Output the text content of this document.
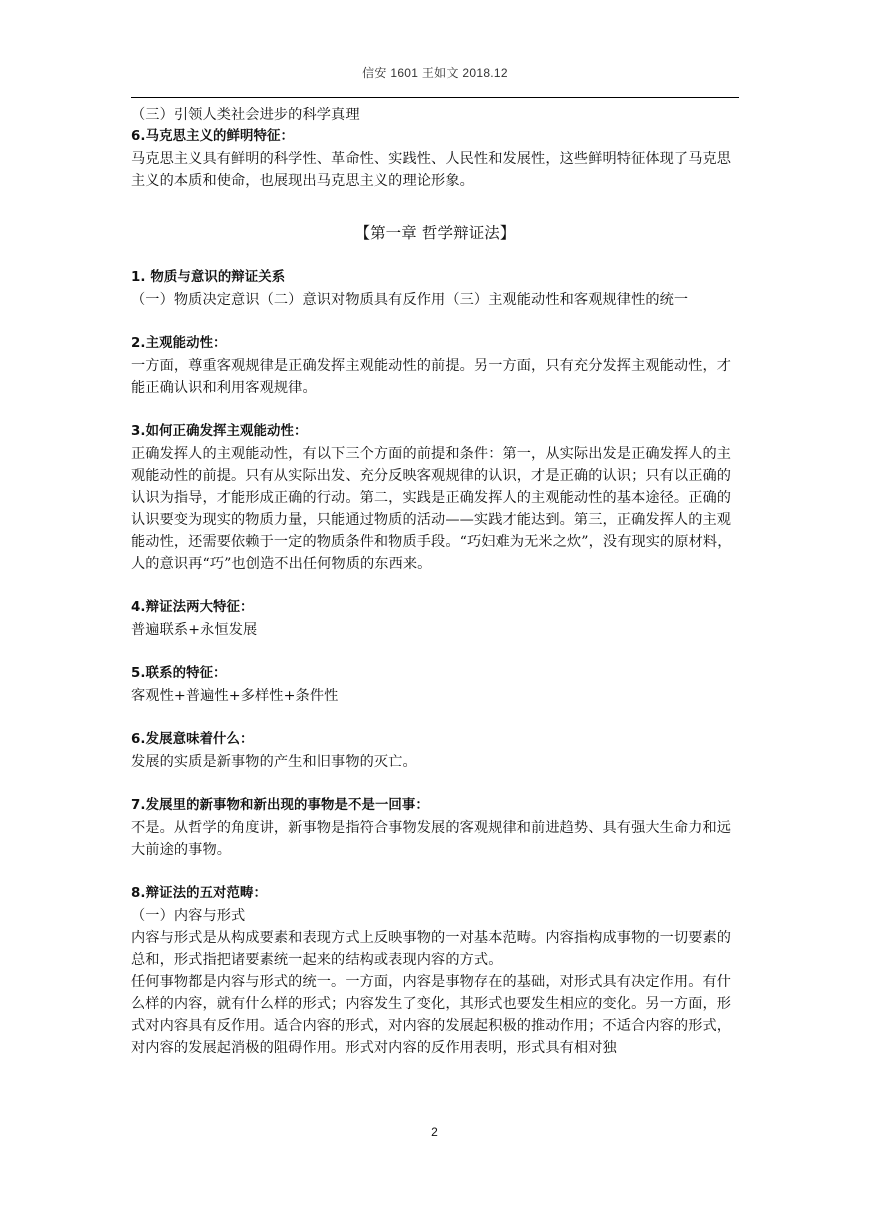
信安 1601 王如文 2018.12

（三）引领人类社会进步的科学真理

6.马克思主义的鲜明特征：

马克思主义具有鲜明的科学性、革命性、实践性、人民性和发展性，这些鲜明特征体现了马克思主义的本质和使命，也展现出马克思主义的理论形象。

【第一章 哲学辩证法】

1. 物质与意识的辩证关系

（一）物质决定意识（二）意识对物质具有反作用（三）主观能动性和客观规律性的统一

2.主观能动性：

一方面，尊重客观规律是正确发挥主观能动性的前提。另一方面，只有充分发挥主观能动性，才能正确认识和利用客观规律。

3.如何正确发挥主观能动性：

正确发挥人的主观能动性，有以下三个方面的前提和条件：第一，从实际出发是正确发挥人的主观能动性的前提。只有从实际出发、充分反映客观规律的认识，才是正确的认识；只有以正确的认识为指导，才能形成正确的行动。第二，实践是正确发挥人的主观能动性的基本途径。正确的认识要变为现实的物质力量，只能通过物质的活动——实践才能达到。第三，正确发挥人的主观能动性，还需要依赖于一定的物质条件和物质手段。“巧妇难为无米之炊”，没有现实的原材料，人的意识再“巧”也创造不出任何物质的东西来。

4.辩证法两大特征：

普遍联系+永恒发展

5.联系的特征：

客观性+普遍性+多样性+条件性

6.发展意味着什么：

发展的实质是新事物的产生和旧事物的灭亡。

7.发展里的新事物和新出现的事物是不是一回事：

不是。从哲学的角度讲，新事物是指符合事物发展的客观规律和前进趋势、具有强大生命力和远大前途的事物。

8.辩证法的五对范畴：

（一）内容与形式

内容与形式是从构成要素和表现方式上反映事物的一对基本范畴。内容指构成事物的一切要素的总和，形式指把诸要素统一起来的结构或表现内容的方式。

任何事物都是内容与形式的统一。一方面，内容是事物存在的基础，对形式具有决定作用。有什么样的内容，就有什么样的形式；内容发生了变化，其形式也要发生相应的变化。另一方面，形式对内容具有反作用。适合内容的形式，对内容的发展起积极的推动作用；不适合内容的形式，对内容的发展起消极的阻碍作用。形式对内容的反作用表明，形式具有相对独

2
